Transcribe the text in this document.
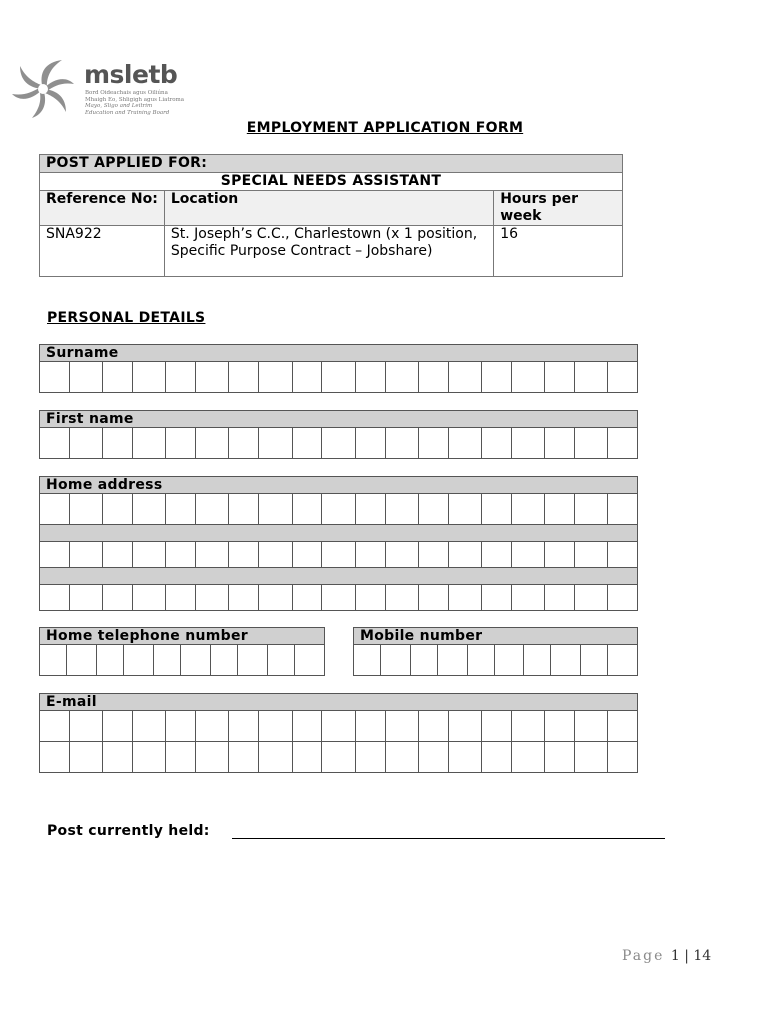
msletb
Bord Oideachais agus Oiliúna
Mhaigh Eo, Shligigh agus Liatroma
Mayo, Sligo and Leitrim
Education and Training Board
EMPLOYMENT APPLICATION FORM
POST APPLIED FOR:		
SPECIAL NEEDS ASSISTANT		
Reference No:	Location	Hours per week
SNA922	St. Joseph’s C.C., Charlestown (x 1 position, Specific Purpose Contract – Jobshare)	16
PERSONAL DETAILS
Surname
First name
Home address
Home telephone number	Mobile number
E-mail
Post currently held:
Page 1 | 14
